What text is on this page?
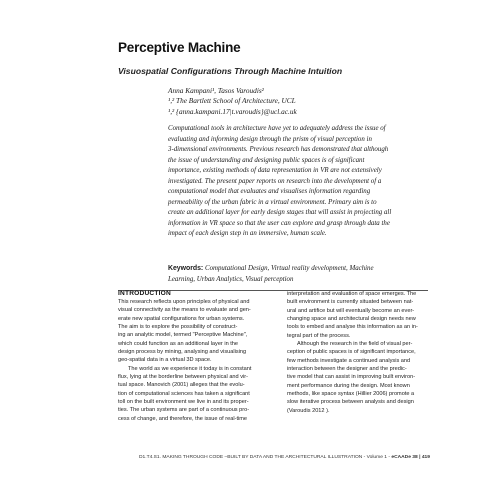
Perceptive Machine
Visuospatial Configurations Through Machine Intuition
Anna Kampani¹, Tasos Varoudis²
¹,² The Bartlett School of Architecture, UCL
¹,² {anna.kampani.17|t.varoudis}@ucl.ac.uk
Computational tools in architecture have yet to adequately address the issue of
evaluating and informing design through the prism of visual perception in
3-dimensional environments. Previous research has demonstrated that although
the issue of understanding and designing public spaces is of significant
importance, existing methods of data representation in VR are not extensively
investigated. The present paper reports on research into the development of a
computational model that evaluates and visualises information regarding
permeability of the urban fabric in a virtual environment. Primary aim is to
create an additional layer for early design stages that will assist in projecting all
information in VR space so that the user can explore and grasp through data the
impact of each design step in an immersive, human scale.
Keywords: Computational Design, Virtual reality development, Machine
Learning, Urban Analytics, Visual perception
INTRODUCTION
This research reflects upon principles of physical and
visual connectivity as the means to evaluate and gen-
erate new spatial configurations for urban systems.
The aim is to explore the possibility of construct-
ing an analytic model, termed "Perceptive Machine",
which could function as an additional layer in the
design process by mining, analysing and visualising
geo-spatial data in a virtual 3D space.
The world as we experience it today is in constant
flux, lying at the borderline between physical and vir-
tual space. Manovich (2001) alleges that the evolu-
tion of computational sciences has taken a significant
toll on the built environment we live in and its proper-
ties. The urban systems are part of a continuous pro-
cess of change, and therefore, the issue of real-time
interpretation and evaluation of space emerges. The
built environment is currently situated between nat-
ural and artifice but will eventually become an ever-
changing space and architectural design needs new
tools to embed and analyse this information as an in-
tegral part of the process.
Although the research in the field of visual per-
ception of public spaces is of significant importance,
few methods investigate a continued analysis and
interaction between the designer and the predic-
tive model that can assist in improving built environ-
ment performance during the design. Most known
methods, like space syntax (Hillier 2006) promote a
slow iterative process between analysis and design
(Varoudis 2012 ).
D1.T4.S1. MAKING THROUGH CODE –BUILT BY DATA AND THE ARCHITECTURAL ILLUSTRATION - Volume 1 - eCAADe 38 | 419
